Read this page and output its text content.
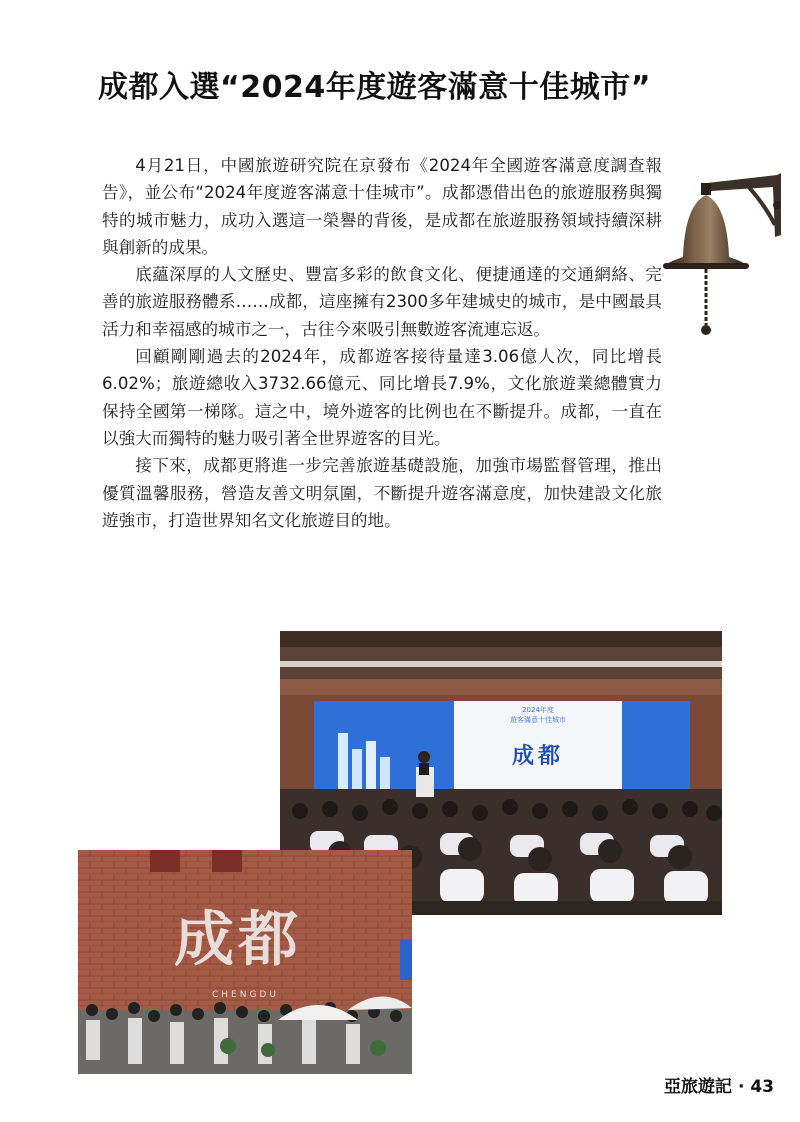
成都入選“2024年度遊客滿意十佳城市”

4月21日，中國旅遊研究院在京發布《2024年全國遊客滿意度調查報告》，並公布“2024年度遊客滿意十佳城市”。成都憑借出色的旅遊服務與獨特的城市魅力，成功入選這一榮譽的背後，是成都在旅遊服務領域持續深耕與創新的成果。

底蘊深厚的人文歷史、豐富多彩的飲食文化、便捷通達的交通網絡、完善的旅遊服務體系……成都，這座擁有2300多年建城史的城市，是中國最具活力和幸福感的城市之一，古往今來吸引無數遊客流連忘返。

回顧剛剛過去的2024年，成都遊客接待量達3.06億人次，同比增長6.02%；旅遊總收入3732.66億元、同比增長7.9%，文化旅遊業總體實力保持全國第一梯隊。這之中，境外遊客的比例也在不斷提升。成都，一直在以強大而獨特的魅力吸引著全世界遊客的目光。

接下來，成都更將進一步完善旅遊基礎設施，加強市場監督管理，推出優質溫馨服務，營造友善文明氛圍，不斷提升遊客滿意度，加快建設文化旅遊強市，打造世界知名文化旅遊目的地。

2024年度
遊客滿意十佳城市
成都
成都
CHENGDU
亞旅遊記 · 43
